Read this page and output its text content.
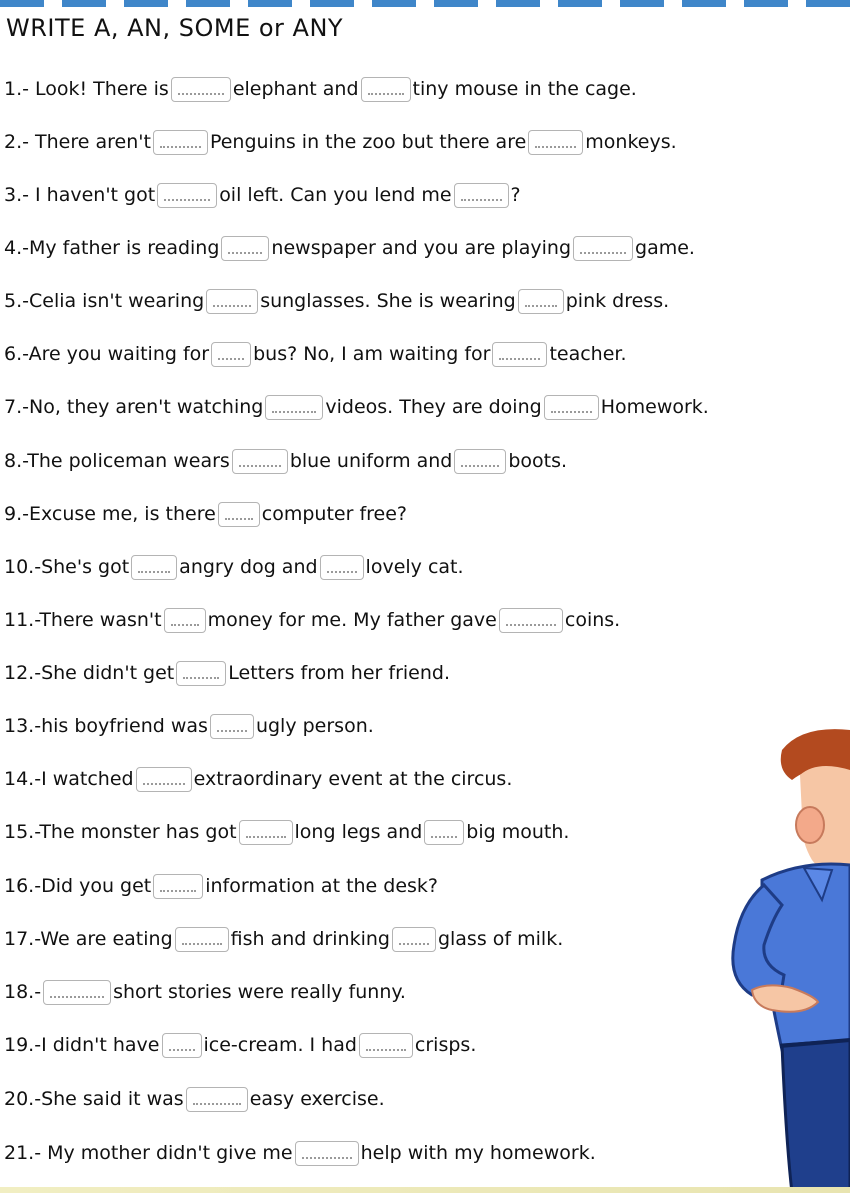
WRITE A, AN, SOME or ANY
1.- Look! There is	elephant and	tiny mouse in the cage.
2.- There aren't	Penguins in the zoo but there are	monkeys.
3.- I haven't got	oil left. Can you lend me	?
4.-My father is reading	newspaper and you are playing	game.
5.-Celia isn't wearing	sunglasses. She is wearing	pink dress.
6.-Are you waiting for bus? No, I am waiting for	teacher.
7.-No, they aren't watching	videos. They are doing	Homework.
8.-The policeman wears	blue uniform and	boots.
9.-Excuse me, is there computer free?
10.-She's got	angry dog and	lovely cat.
11.-There wasn't money for me. My father gave	coins.
12.-She didn't get	Letters from her friend.
13.-his boyfriend was	ugly person.
14.-I watched	extraordinary event at the circus.
15.-The monster has got	long legs and big mouth.
16.-Did you get	information at the desk?
17.-We are eating	fish and drinking	glass of milk.
18.-	short stories were really funny.
19.-I didn't have ice-cream. I had	crisps.
20.-She said it was	easy exercise.
21.- My mother didn't give me	help with my homework.
